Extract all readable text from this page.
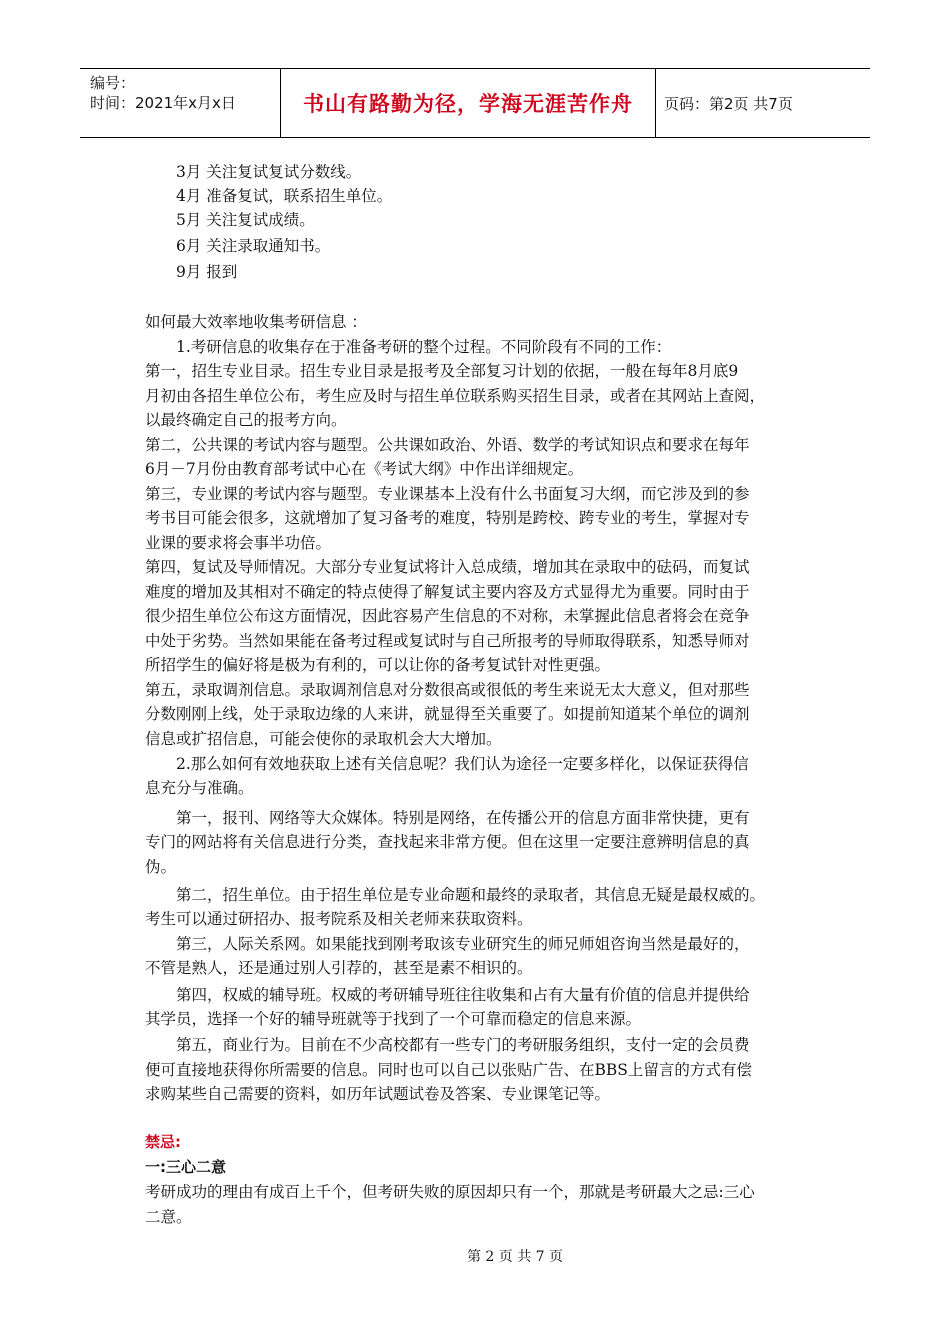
编号：
时间：2021年x月x日	书山有路勤为径，学海无涯苦作舟	页码：第2页 共7页
3月 关注复试复试分数线。
4月 准备复试，联系招生单位。
5月 关注复试成绩。
6月 关注录取通知书。
9月 报到
如何最大效率地收集考研信息 ：
1.考研信息的收集存在于准备考研的整个过程。不同阶段有不同的工作：
第一，招生专业目录。招生专业目录是报考及全部复习计划的依据，一般在每年8月底9
月初由各招生单位公布，考生应及时与招生单位联系购买招生目录，或者在其网站上查阅，
以最终确定自己的报考方向。
第二，公共课的考试内容与题型。公共课如政治、外语、数学的考试知识点和要求在每年
6月－7月份由教育部考试中心在《考试大纲》中作出详细规定。
第三，专业课的考试内容与题型。专业课基本上没有什么书面复习大纲，而它涉及到的参
考书目可能会很多，这就增加了复习备考的难度，特别是跨校、跨专业的考生，掌握对专
业课的要求将会事半功倍。
第四，复试及导师情况。大部分专业复试将计入总成绩，增加其在录取中的砝码，而复试
难度的增加及其相对不确定的特点使得了解复试主要内容及方式显得尤为重要。同时由于
很少招生单位公布这方面情况，因此容易产生信息的不对称，未掌握此信息者将会在竞争
中处于劣势。当然如果能在备考过程或复试时与自己所报考的导师取得联系，知悉导师对
所招学生的偏好将是极为有利的，可以让你的备考复试针对性更强。
第五，录取调剂信息。录取调剂信息对分数很高或很低的考生来说无太大意义，但对那些
分数刚刚上线，处于录取边缘的人来讲，就显得至关重要了。如提前知道某个单位的调剂
信息或扩招信息，可能会使你的录取机会大大增加。
2.那么如何有效地获取上述有关信息呢？我们认为途径一定要多样化，以保证获得信
息充分与准确。
第一，报刊、网络等大众媒体。特别是网络，在传播公开的信息方面非常快捷，更有
专门的网站将有关信息进行分类，查找起来非常方便。但在这里一定要注意辨明信息的真
伪。
第二，招生单位。由于招生单位是专业命题和最终的录取者，其信息无疑是最权威的。
考生可以通过研招办、报考院系及相关老师来获取资料。
第三，人际关系网。如果能找到刚考取该专业研究生的师兄师姐咨询当然是最好的，
不管是熟人，还是通过别人引荐的，甚至是素不相识的。
第四，权威的辅导班。权威的考研辅导班往往收集和占有大量有价值的信息并提供给
其学员，选择一个好的辅导班就等于找到了一个可靠而稳定的信息来源。
第五，商业行为。目前在不少高校都有一些专门的考研服务组织，支付一定的会员费
便可直接地获得你所需要的信息。同时也可以自己以张贴广告、在BBS上留言的方式有偿
求购某些自己需要的资料，如历年试题试卷及答案、专业课笔记等。
禁忌:
一:三心二意
考研成功的理由有成百上千个，但考研失败的原因却只有一个，那就是考研最大之忌:三心
二意。
第 2 页 共 7 页
